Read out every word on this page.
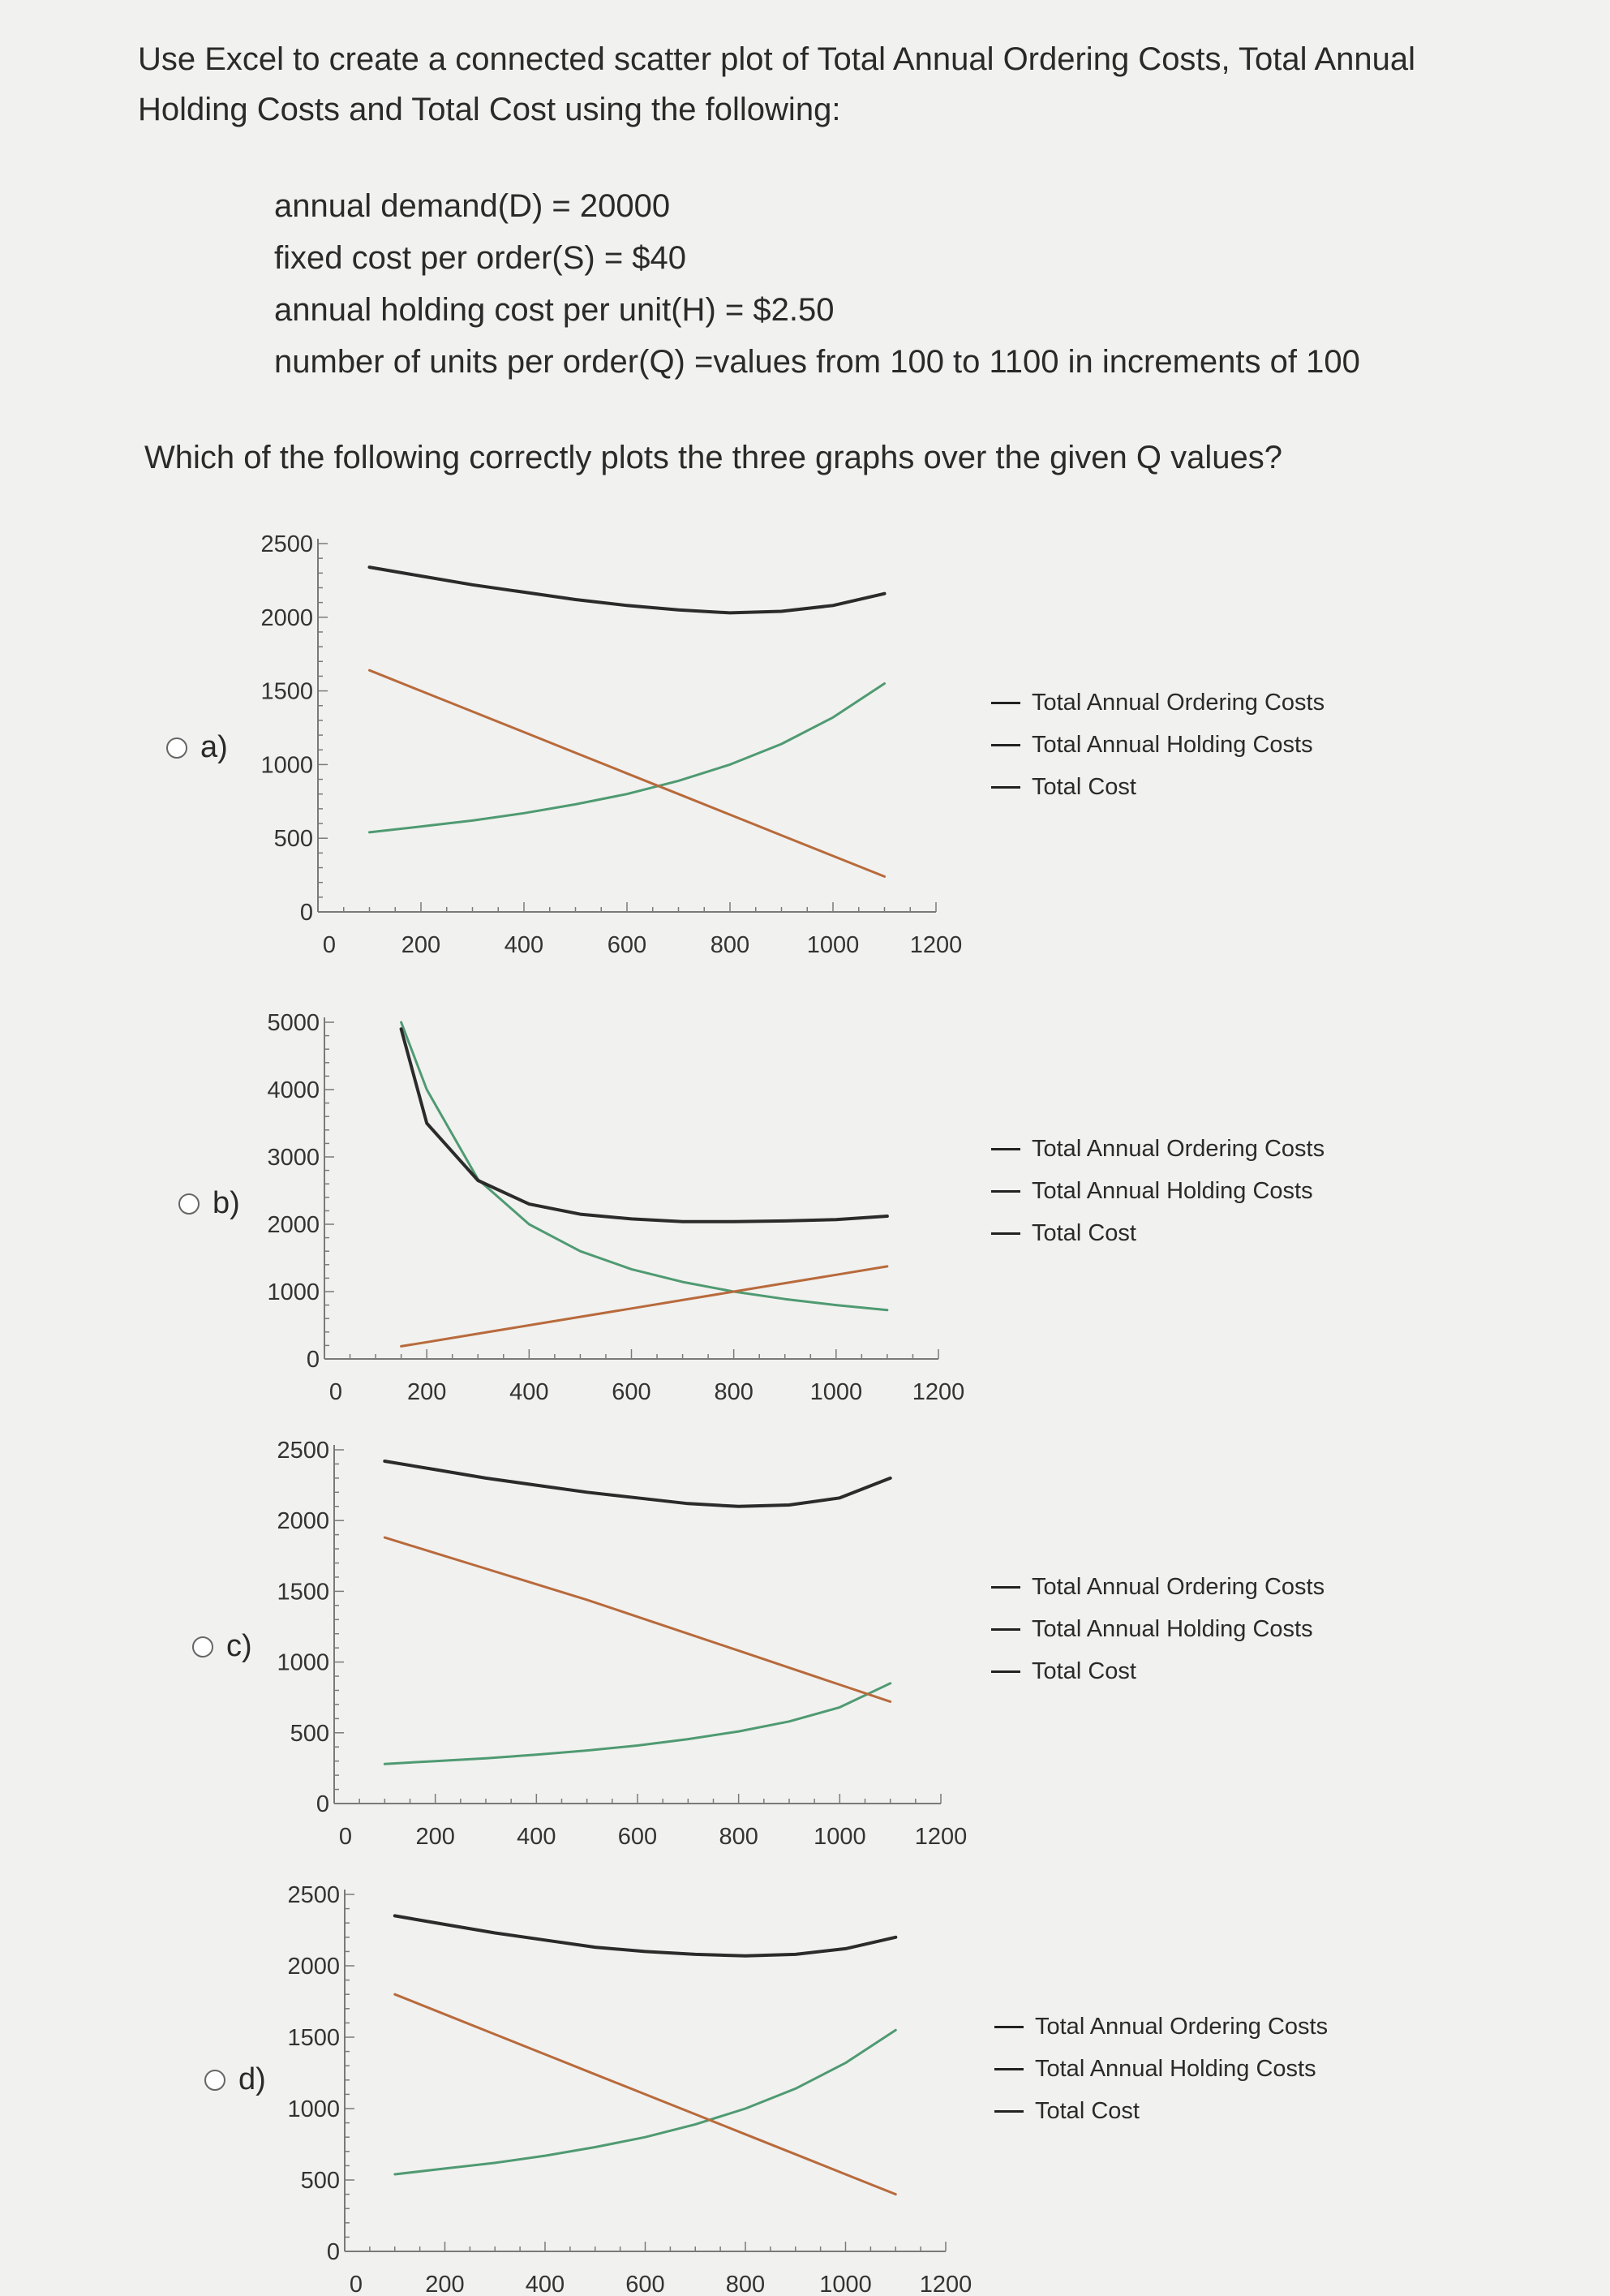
Use Excel to create a connected scatter plot of Total Annual Ordering Costs, Total Annual Holding Costs and Total Cost using the following:
annual demand(D) = 20000
fixed cost per order(S) = $40
annual holding cost per unit(H) = $2.50
number of units per order(Q) =values from 100 to 1100 in increments of 100
Which of the following correctly plots the three graphs over the given Q values?
a)
0
500
1000
1500
2000
2500
0	200	400	600	800 1000 1200
Total Annual Ordering Costs
Total Annual Holding Costs
Total Cost
b)
0
1000
2000
3000
4000
5000
0	200	400	600	800 1000 1200
Total Annual Ordering Costs
Total Annual Holding Costs
Total Cost
c)
0
500
1000
1500
2000
2500
0	200	400	600	800 1000 1200
Total Annual Ordering Costs
Total Annual Holding Costs
Total Cost
d)
0
500
1000
1500
2000
2500
0	200	400	600	800 1000 1200
Total Annual Ordering Costs
Total Annual Holding Costs
Total Cost
